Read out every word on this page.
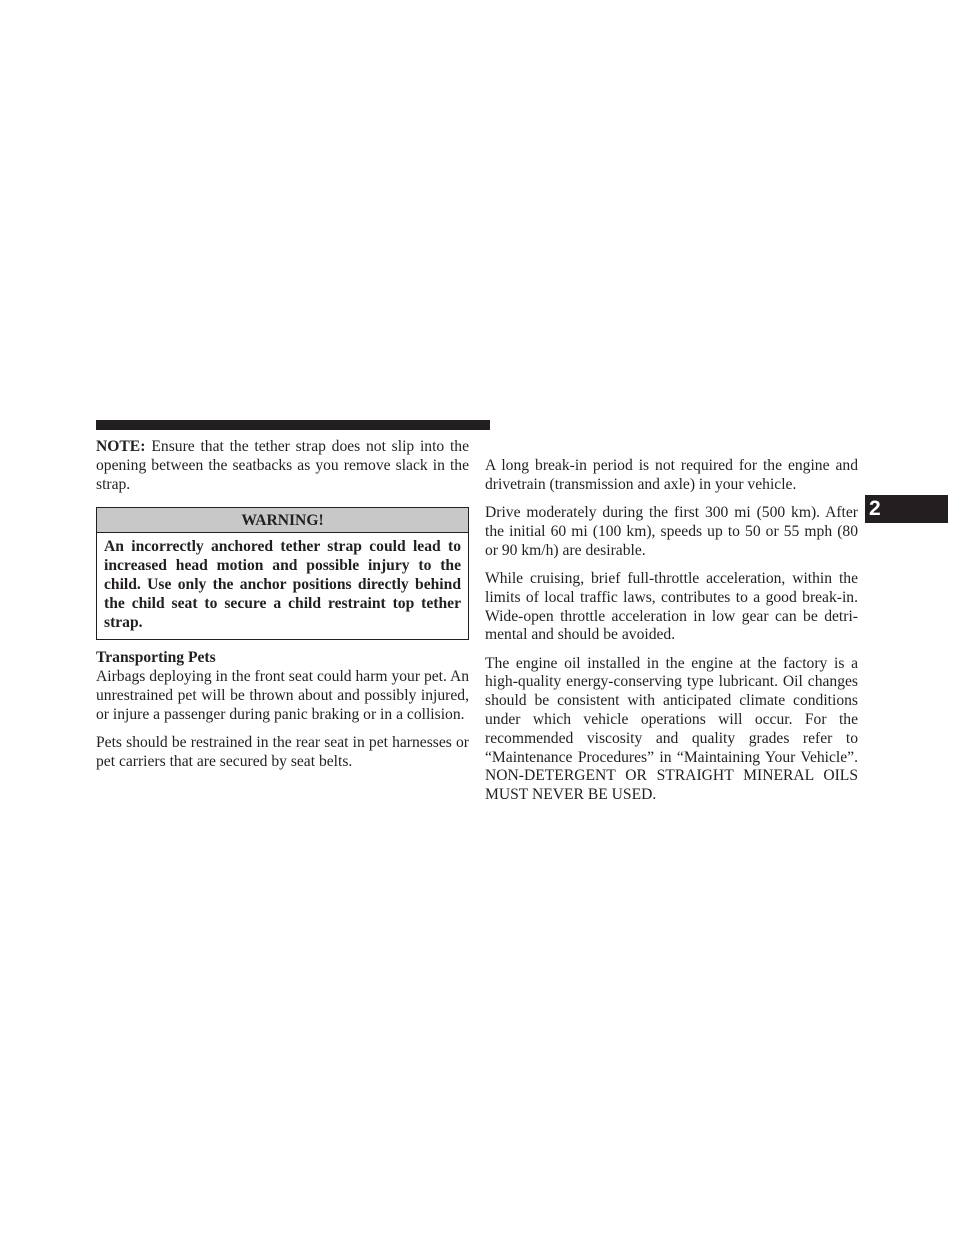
NOTE: Ensure that the tether strap does not slip into the opening between the seatbacks as you remove slack in the strap.

WARNING!
An incorrectly anchored tether strap could lead to increased head motion and possible injury to the child. Use only the anchor positions directly behind the child seat to secure a child restraint top tether strap.
Transporting Pets

Airbags deploying in the front seat could harm your pet. An unrestrained pet will be thrown about and possibly injured, or injure a passenger during panic braking or in a collision.

Pets should be restrained in the rear seat in pet harnesses or pet carriers that are secured by seat belts.

A long break-in period is not required for the engine and drivetrain (transmission and axle) in your vehicle.

Drive moderately during the first 300 mi (500 km). After the initial 60 mi (100 km), speeds up to 50 or 55 mph (80 or 90 km/h) are desirable.

While cruising, brief full-throttle acceleration, within the limits of local traffic laws, contributes to a good break-in. Wide-open throttle acceleration in low gear can be detrimental and should be avoided.

The engine oil installed in the engine at the factory is a high-quality energy-conserving type lubricant. Oil changes should be consistent with anticipated climate conditions under which vehicle operations will occur. For the recommended viscosity and quality grades refer to “Maintenance Procedures” in “Maintaining Your Vehicle”. NON-DETERGENT OR STRAIGHT MINERAL OILS MUST NEVER BE USED.

2
